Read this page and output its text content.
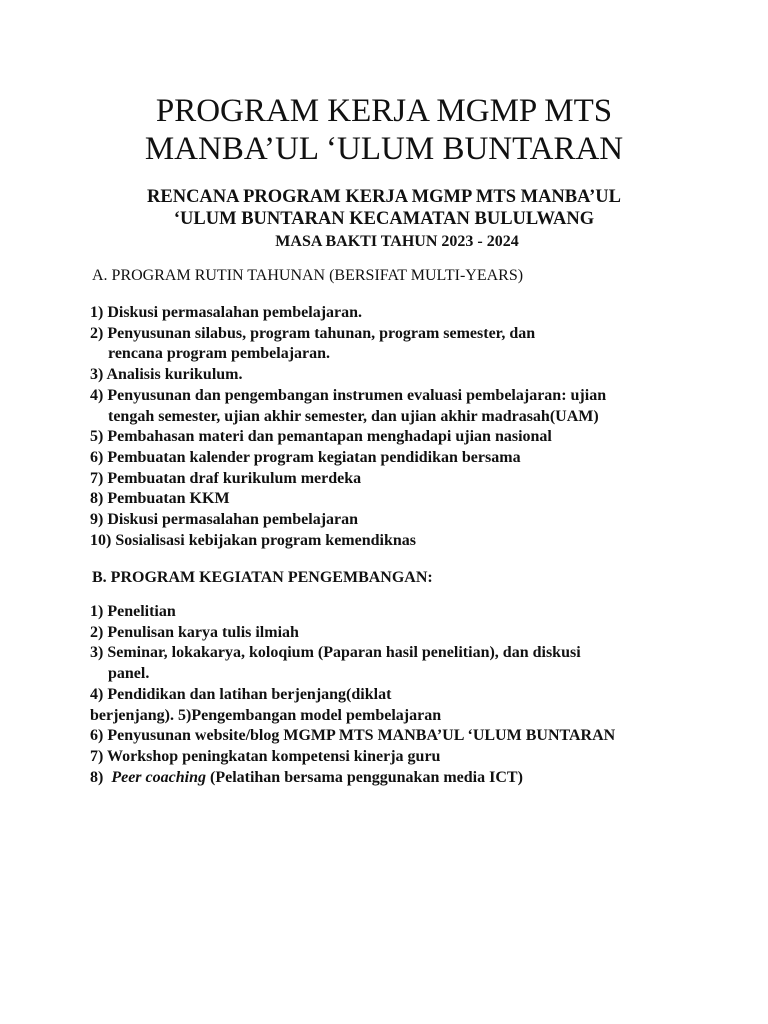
PROGRAM KERJA MGMP MTS
MANBA’UL ‘ULUM BUNTARAN
RENCANA PROGRAM KERJA MGMP MTS MANBA’UL
‘ULUM BUNTARAN KECAMATAN BULULWANG
MASA BAKTI TAHUN 2023 - 2024
A. PROGRAM RUTIN TAHUNAN (BERSIFAT MULTI-YEARS)
1) Diskusi permasalahan pembelajaran.
2) Penyusunan silabus, program tahunan, program semester, dan
rencana program pembelajaran.
3) Analisis kurikulum.
4) Penyusunan dan pengembangan instrumen evaluasi pembelajaran: ujian
tengah semester, ujian akhir semester, dan ujian akhir madrasah(UAM)
5) Pembahasan materi dan pemantapan menghadapi ujian nasional
6) Pembuatan kalender program kegiatan pendidikan bersama
7) Pembuatan draf kurikulum merdeka
8) Pembuatan KKM
9) Diskusi permasalahan pembelajaran
10) Sosialisasi kebijakan program kemendiknas
B. PROGRAM KEGIATAN PENGEMBANGAN:
1) Penelitian
2) Penulisan karya tulis ilmiah
3) Seminar, lokakarya, koloqium (Paparan hasil penelitian), dan diskusi
panel.
4) Pendidikan dan latihan berjenjang(diklat
berjenjang). 5)Pengembangan model pembelajaran
6) Penyusunan website/blog MGMP MTS MANBA’UL ‘ULUM BUNTARAN
7) Workshop peningkatan kompetensi kinerja guru
8) Peer coaching (Pelatihan bersama penggunakan media ICT)
